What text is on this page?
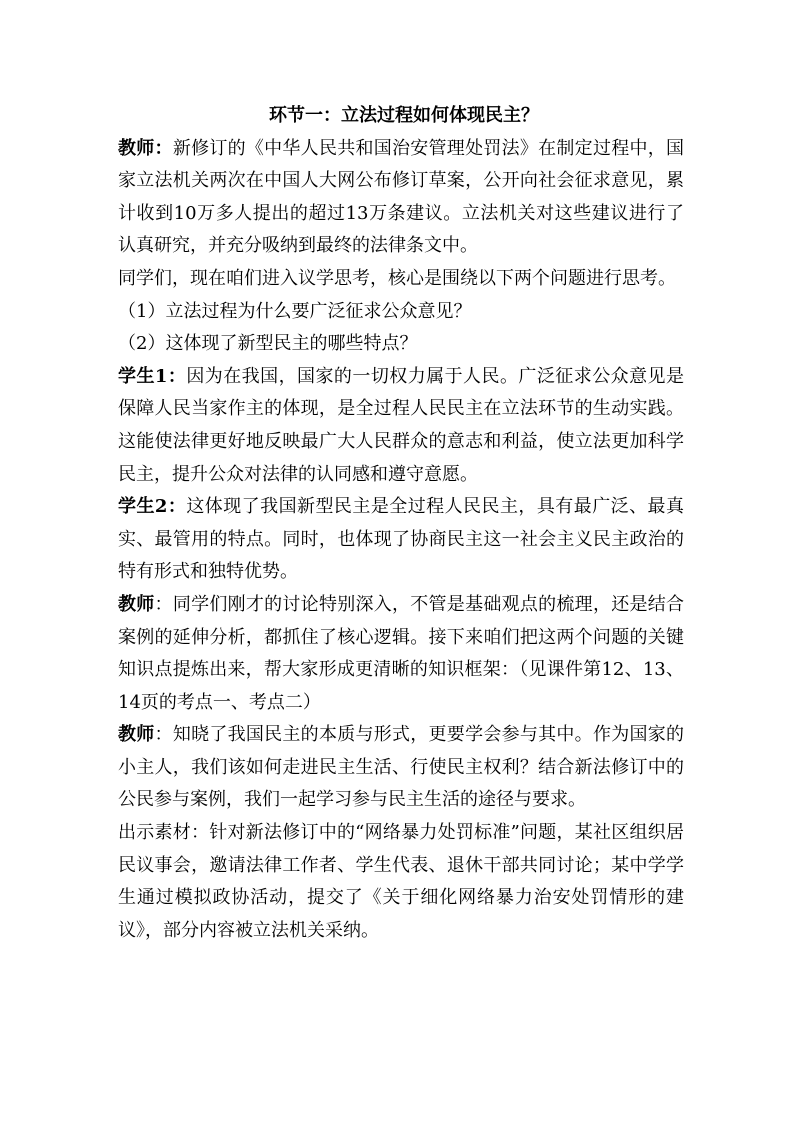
环节一：立法过程如何体现民主？

教师：新修订的《中华人民共和国治安管理处罚法》在制定过程中，国家立法机关两次在中国人大网公布修订草案，公开向社会征求意见，累计收到10万多人提出的超过13万条建议。立法机关对这些建议进行了认真研究，并充分吸纳到最终的法律条文中。

同学们，现在咱们进入议学思考，核心是围绕以下两个问题进行思考。

（1）立法过程为什么要广泛征求公众意见？

（2）这体现了新型民主的哪些特点？

学生1：因为在我国，国家的一切权力属于人民。广泛征求公众意见是保障人民当家作主的体现，是全过程人民民主在立法环节的生动实践。这能使法律更好地反映最广大人民群众的意志和利益，使立法更加科学民主，提升公众对法律的认同感和遵守意愿。

学生2：这体现了我国新型民主是全过程人民民主，具有最广泛、最真实、最管用的特点。同时，也体现了协商民主这一社会主义民主政治的特有形式和独特优势。

教师：同学们刚才的讨论特别深入，不管是基础观点的梳理，还是结合案例的延伸分析，都抓住了核心逻辑。接下来咱们把这两个问题的关键知识点提炼出来，帮大家形成更清晰的知识框架：（见课件第12、13、14页的考点一、考点二）

教师：知晓了我国民主的本质与形式，更要学会参与其中。作为国家的小主人，我们该如何走进民主生活、行使民主权利？结合新法修订中的公民参与案例，我们一起学习参与民主生活的途径与要求。

出示素材：针对新法修订中的“网络暴力处罚标准”问题，某社区组织居民议事会，邀请法律工作者、学生代表、退休干部共同讨论；某中学学生通过模拟政协活动，提交了《关于细化网络暴力治安处罚情形的建议》，部分内容被立法机关采纳。
